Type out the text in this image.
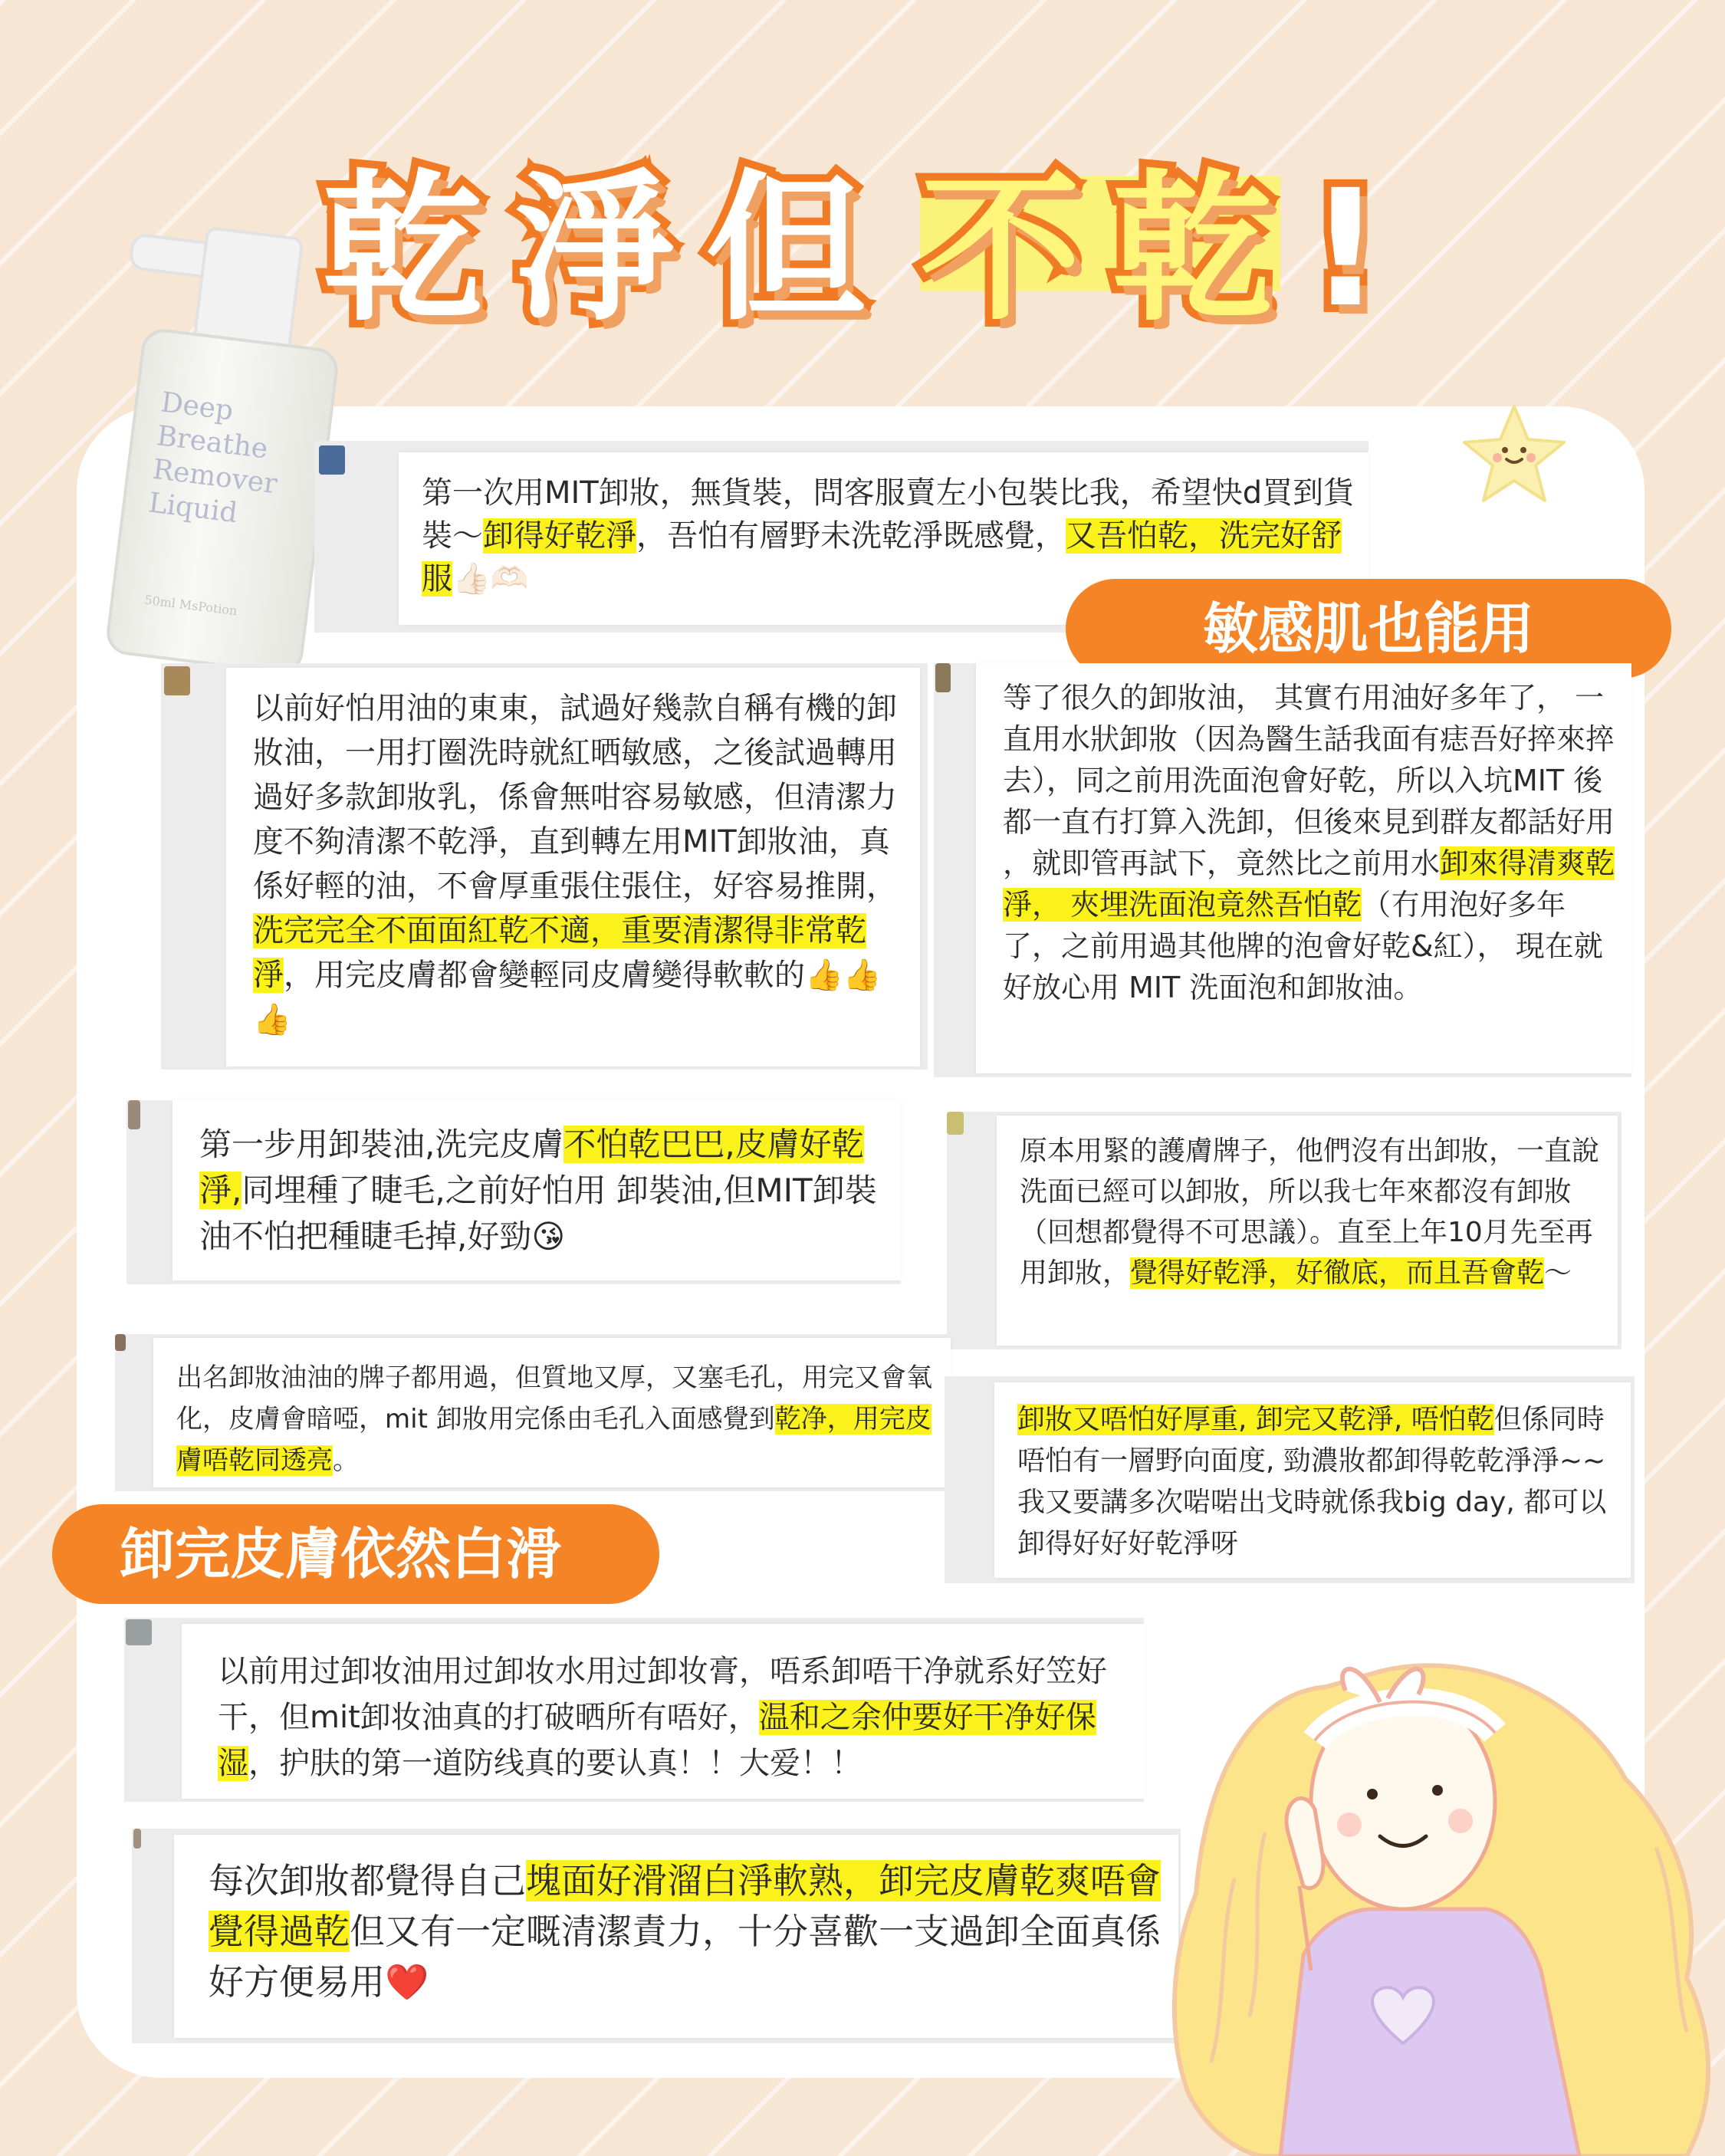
乾 淨 但 不 乾 !
Deep
Breathe
Remover
Liquid
50ml MsPotion
第一次用MIT卸妝，無貨裝，問客服賣左小包裝比我，希望快d買到貨裝～卸得好乾淨，吾怕有層野未洗乾淨既感覺，又吾怕乾，洗完好舒服👍🏻🫶🏻
敏感肌也能用
以前好怕用油的東東，試過好幾款自稱有機的卸妝油，一用打圈洗時就紅晒敏感，之後試過轉用過好多款卸妝乳，係會無咁容易敏感，但清潔力度不夠清潔不乾淨，直到轉左用MIT卸妝油，真係好輕的油，不會厚重張住張住，好容易推開，洗完完全不面面紅乾不適，重要清潔得非常乾淨，用完皮膚都會變輕同皮膚變得軟軟的👍👍👍
等了很久的卸妝油， 其實冇用油好多年了， 一直用水狀卸妝（因為醫生話我面有痣吾好捽來捽去），同之前用洗面泡會好乾，所以入坑MIT 後都一直冇打算入洗卸，但後來見到群友都話好用 ，就即管再試下，竟然比之前用水卸來得清爽乾淨， 夾埋洗面泡竟然吾怕乾（冇用泡好多年了，之前用過其他牌的泡會好乾&紅）， 現在就好放心用 MIT 洗面泡和卸妝油。
第一步用卸裝油,洗完皮膚不怕乾巴巴,皮膚好乾淨,同埋種了睫毛,之前好怕用 卸裝油,但MIT卸裝油不怕把種睫毛掉,好勁😘
原本用緊的護膚牌子，他們沒有出卸妝，一直說洗面已經可以卸妝，所以我七年來都沒有卸妝（回想都覺得不可思議）。直至上年10月先至再用卸妝，覺得好乾淨，好徹底，而且吾會乾～
出名卸妝油油的牌子都用過，但質地又厚，又塞毛孔，用完又會氧化，皮膚會暗啞，mit 卸妝用完係由毛孔入面感覺到乾净，用完皮膚唔乾同透亮。
卸妝又唔怕好厚重, 卸完又乾淨, 唔怕乾但係同時唔怕有一層野向面度, 勁濃妝都卸得乾乾淨淨~~我又要講多次啱啱出戈時就係我big day, 都可以卸得好好好乾淨呀
卸完皮膚依然白滑
以前用过卸妆油用过卸妆水用过卸妆膏，唔系卸唔干净就系好笠好干，但mit卸妆油真的打破晒所有唔好，温和之余仲要好干净好保湿，护肤的第一道防线真的要认真！！大爱！！
每次卸妝都覺得自己塊面好滑溜白淨軟熟，卸完皮膚乾爽唔會覺得過乾但又有一定嘅清潔責力，十分喜歡一支過卸全面真係好方便易用❤️
